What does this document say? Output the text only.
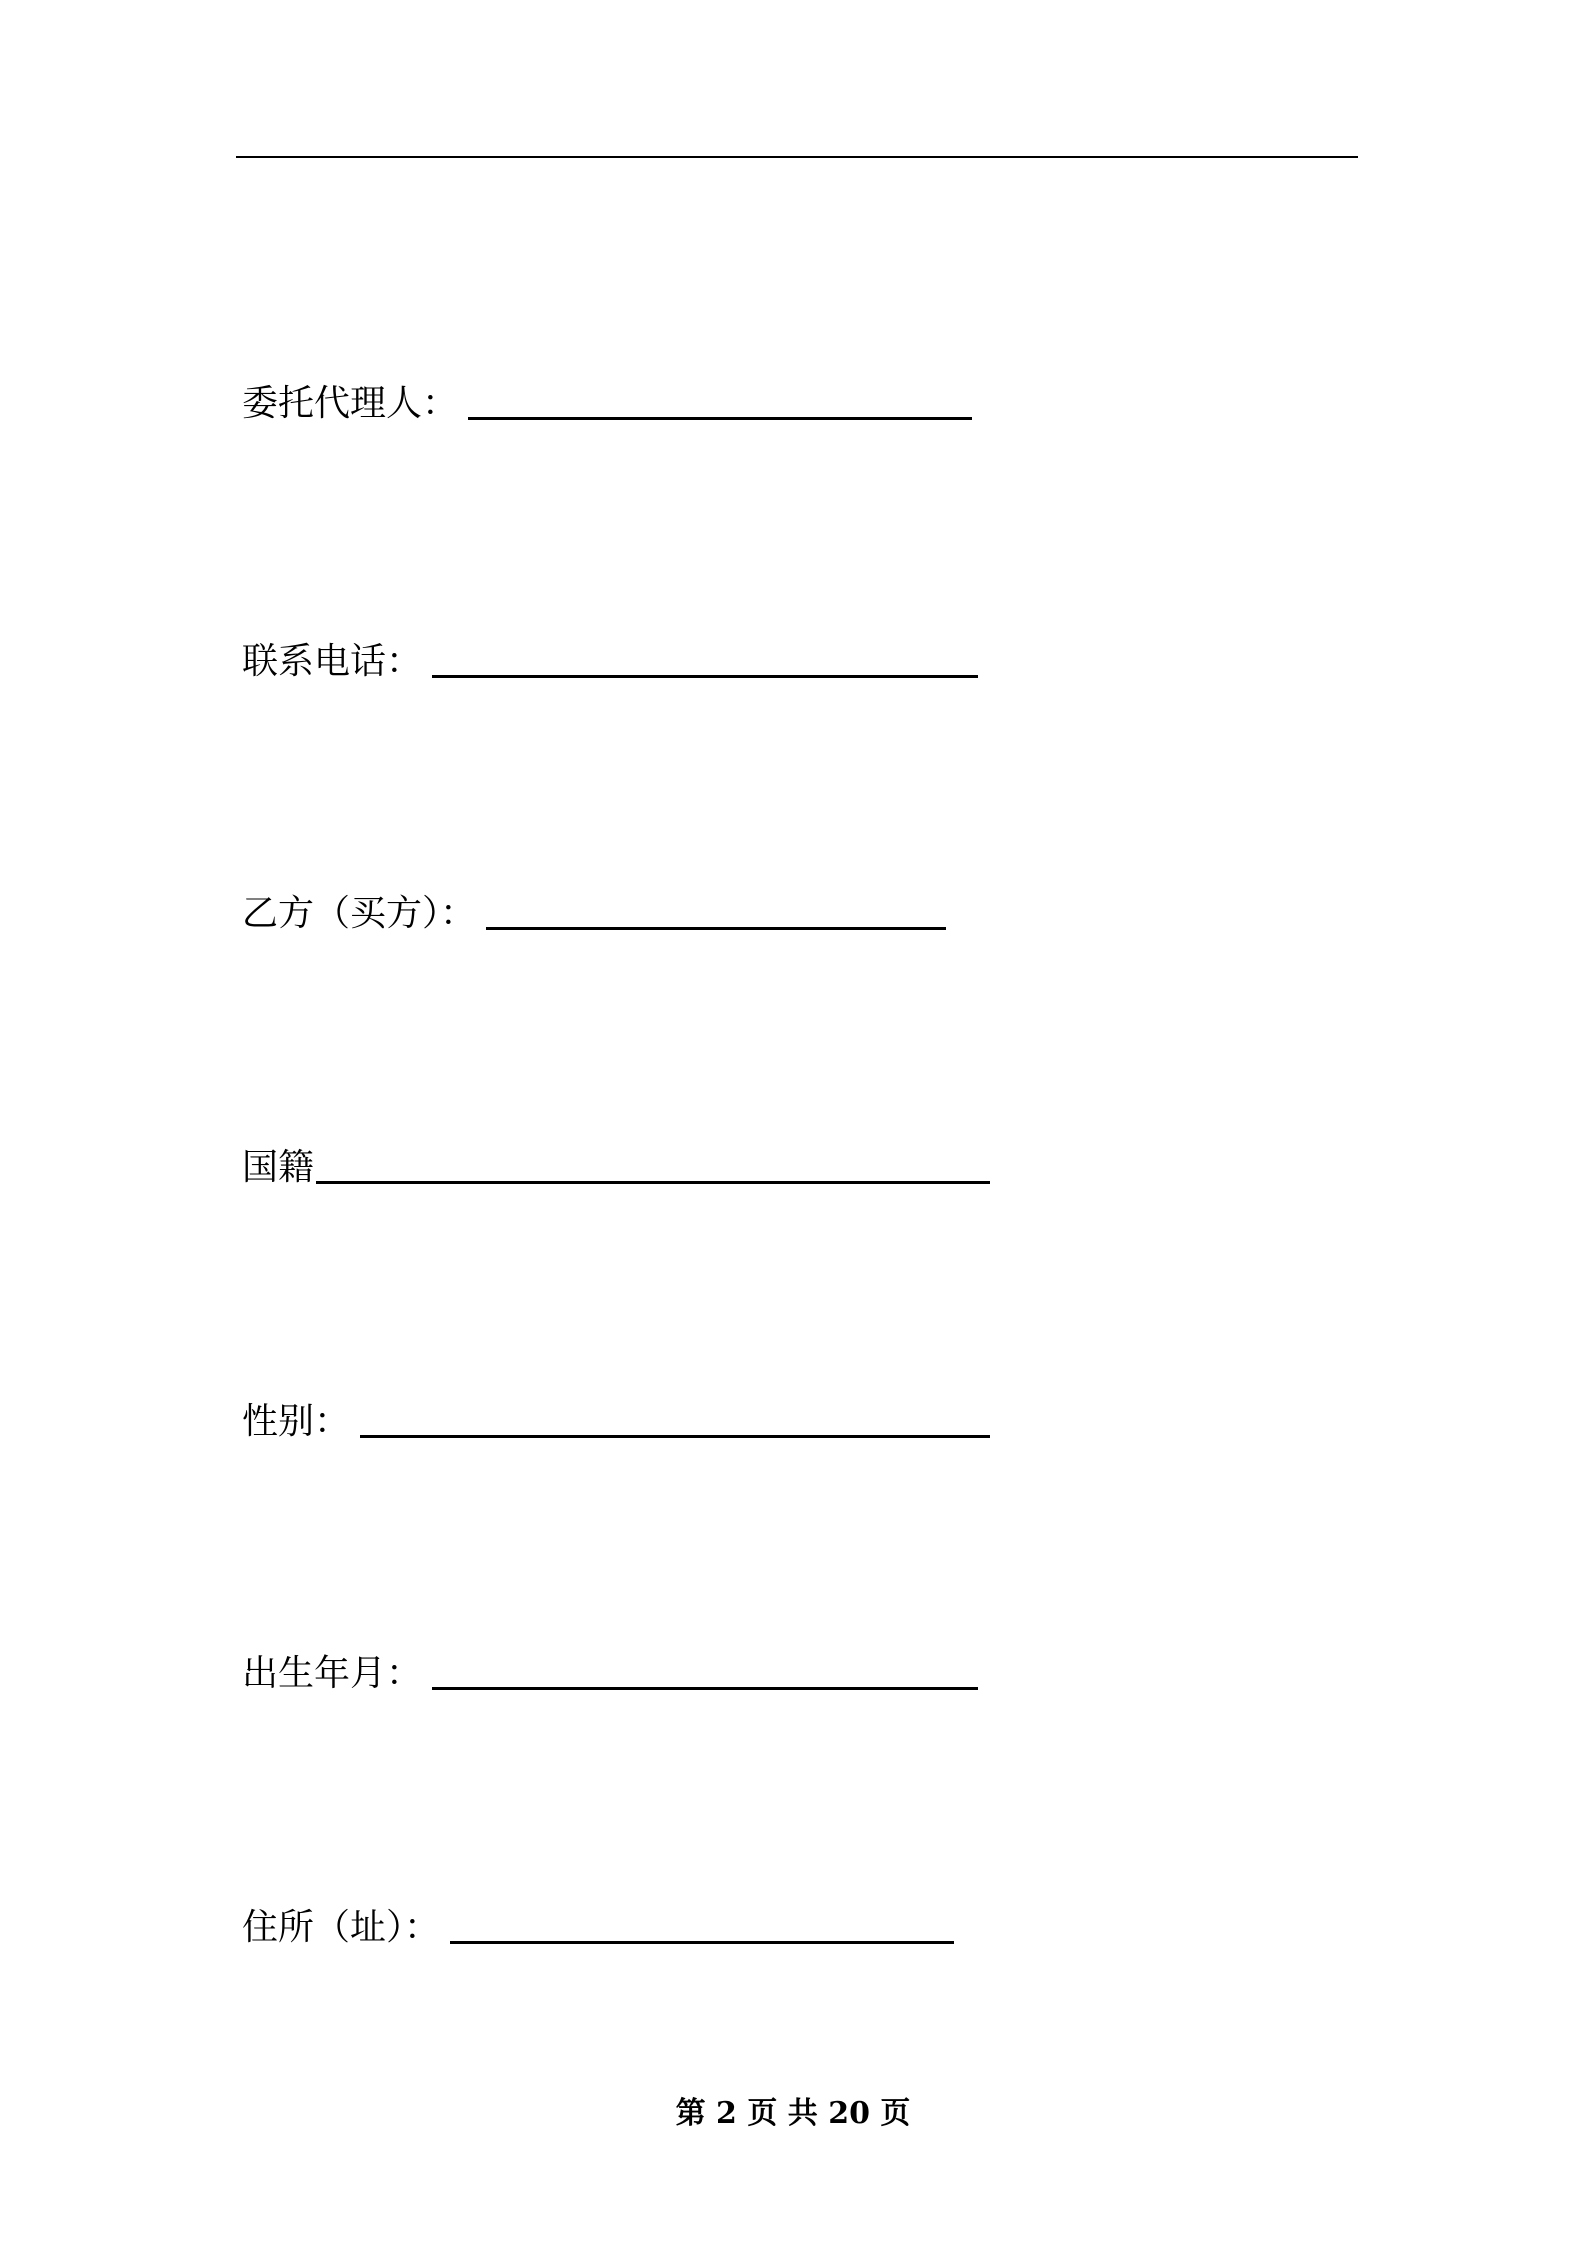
委托代理人：
联系电话：
乙方（买方）：
国籍
性别：
出生年月：
住所（址）：
第 2 页 共 20 页
